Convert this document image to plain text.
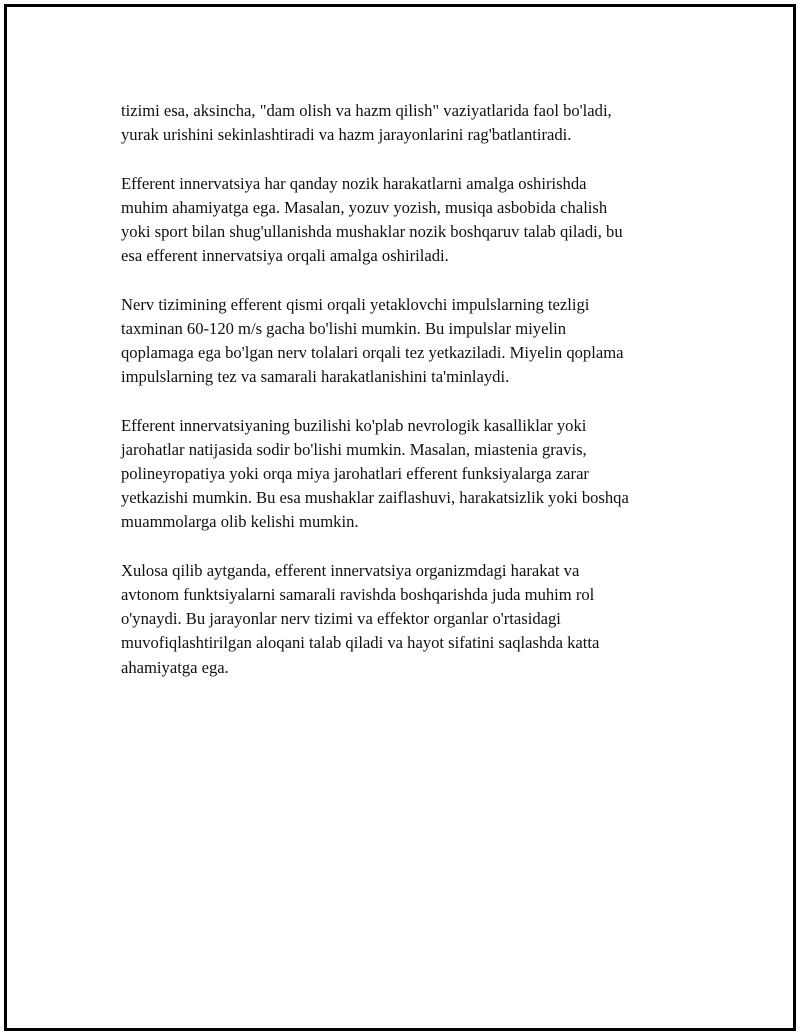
tizimi esa, aksincha, "dam olish va hazm qilish" vaziyatlarida faol bo'ladi,
yurak urishini sekinlashtiradi va hazm jarayonlarini rag'batlantiradi.

Efferent innervatsiya har qanday nozik harakatlarni amalga oshirishda
muhim ahamiyatga ega. Masalan, yozuv yozish, musiqa asbobida chalish
yoki sport bilan shug'ullanishda mushaklar nozik boshqaruv talab qiladi, bu
esa efferent innervatsiya orqali amalga oshiriladi.

Nerv tizimining efferent qismi orqali yetaklovchi impulslarning tezligi
taxminan 60-120 m/s gacha bo'lishi mumkin. Bu impulslar miyelin
qoplamaga ega bo'lgan nerv tolalari orqali tez yetkaziladi. Miyelin qoplama
impulslarning tez va samarali harakatlanishini ta'minlaydi.

Efferent innervatsiyaning buzilishi ko'plab nevrologik kasalliklar yoki
jarohatlar natijasida sodir bo'lishi mumkin. Masalan, miastenia gravis,
polineyropatiya yoki orqa miya jarohatlari efferent funksiyalarga zarar
yetkazishi mumkin. Bu esa mushaklar zaiflashuvi, harakatsizlik yoki boshqa
muammolarga olib kelishi mumkin.

Xulosa qilib aytganda, efferent innervatsiya organizmdagi harakat va
avtonom funktsiyalarni samarali ravishda boshqarishda juda muhim rol
o'ynaydi. Bu jarayonlar nerv tizimi va effektor organlar o'rtasidagi
muvofiqlashtirilgan aloqani talab qiladi va hayot sifatini saqlashda katta
ahamiyatga ega.
